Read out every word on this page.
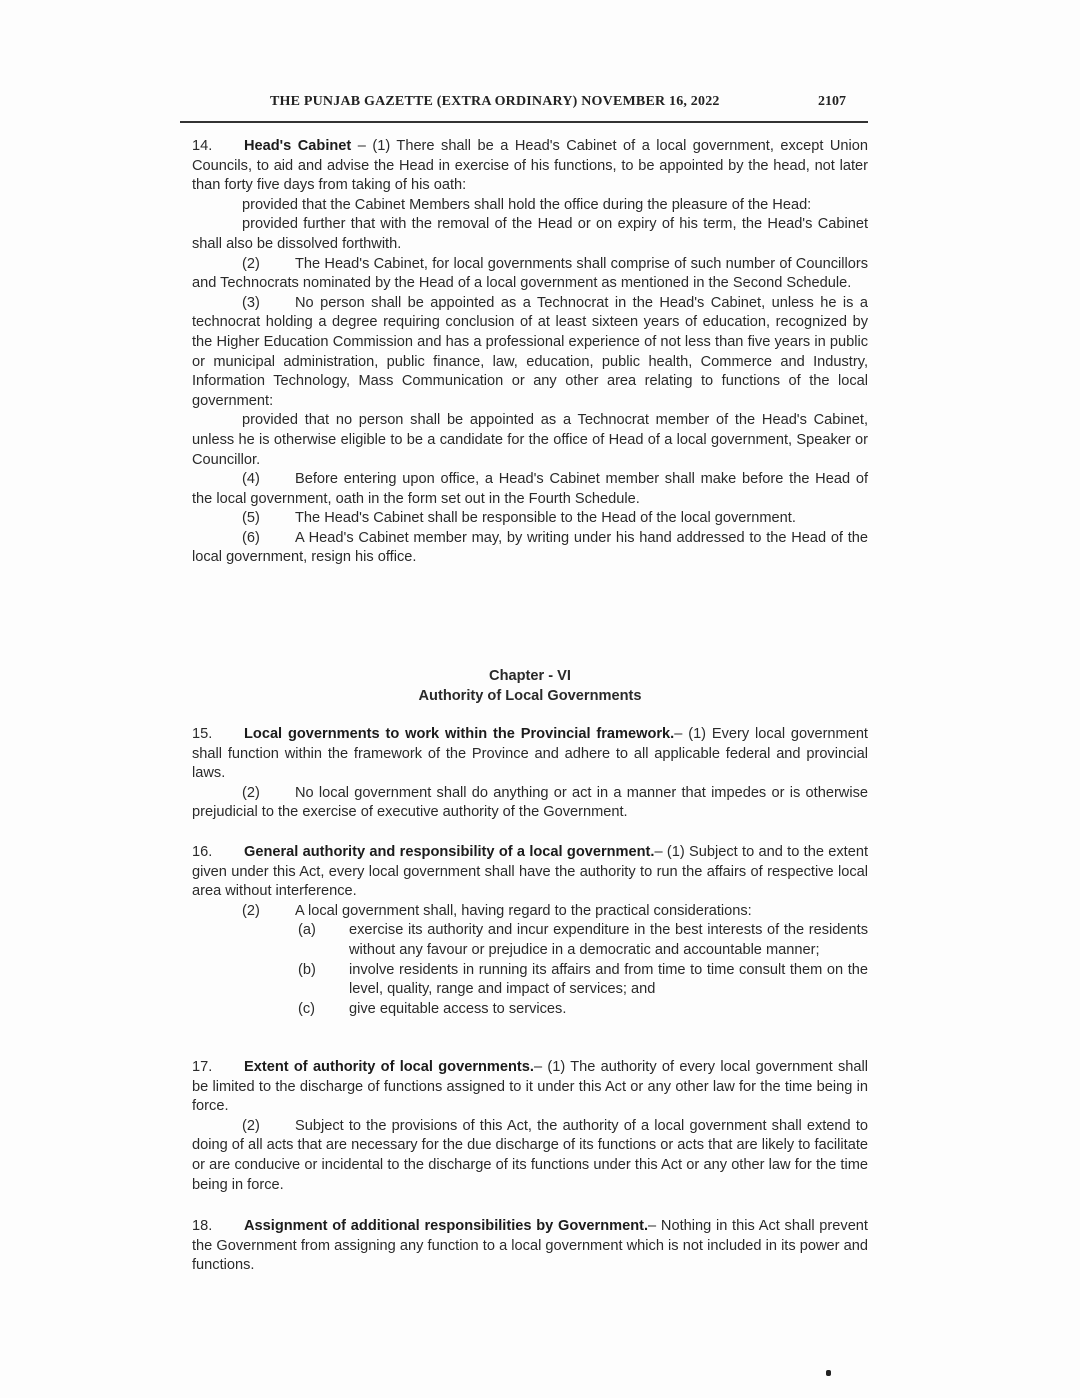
THE PUNJAB GAZETTE (EXTRA ORDINARY) NOVEMBER 16, 2022	2107

14. Head's Cabinet – (1) There shall be a Head's Cabinet of a local government, except Union Councils, to aid and advise the Head in exercise of his functions, to be appointed by the head, not later than forty five days from taking of his oath:

provided that the Cabinet Members shall hold the office during the pleasure of the Head:

provided further that with the removal of the Head or on expiry of his term, the Head's Cabinet shall also be dissolved forthwith.

(2) The Head's Cabinet, for local governments shall comprise of such number of Councillors and Technocrats nominated by the Head of a local government as mentioned in the Second Schedule.

(3) No person shall be appointed as a Technocrat in the Head's Cabinet, unless he is a technocrat holding a degree requiring conclusion of at least sixteen years of education, recognized by the Higher Education Commission and has a professional experience of not less than five years in public or municipal administration, public finance, law, education, public health, Commerce and Industry, Information Technology, Mass Communication or any other area relating to functions of the local government:

provided that no person shall be appointed as a Technocrat member of the Head's Cabinet, unless he is otherwise eligible to be a candidate for the office of Head of a local government, Speaker or Councillor.

(4) Before entering upon office, a Head's Cabinet member shall make before the Head of the local government, oath in the form set out in the Fourth Schedule.

(5) The Head's Cabinet shall be responsible to the Head of the local government.

(6) A Head's Cabinet member may, by writing under his hand addressed to the Head of the local government, resign his office.

Chapter - VI
Authority of Local Governments

15. Local governments to work within the Provincial framework.– (1) Every local government shall function within the framework of the Province and adhere to all applicable federal and provincial laws.

(2) No local government shall do anything or act in a manner that impedes or is otherwise prejudicial to the exercise of executive authority of the Government.

16. General authority and responsibility of a local government.– (1) Subject to and to the extent given under this Act, every local government shall have the authority to run the affairs of respective local area without interference.

(2) A local government shall, having regard to the practical considerations:

(a)	exercise its authority and incur expenditure in the best interests of the residents without any favour or prejudice in a democratic and accountable manner;
(b)	involve residents in running its affairs and from time to time consult them on the level, quality, range and impact of services; and
(c)	give equitable access to services.

17. Extent of authority of local governments.– (1) The authority of every local government shall be limited to the discharge of functions assigned to it under this Act or any other law for the time being in force.

(2) Subject to the provisions of this Act, the authority of a local government shall extend to doing of all acts that are necessary for the due discharge of its functions or acts that are likely to facilitate or are conducive or incidental to the discharge of its functions under this Act or any other law for the time being in force.

18. Assignment of additional responsibilities by Government.– Nothing in this Act shall prevent the Government from assigning any function to a local government which is not included in its power and functions.
